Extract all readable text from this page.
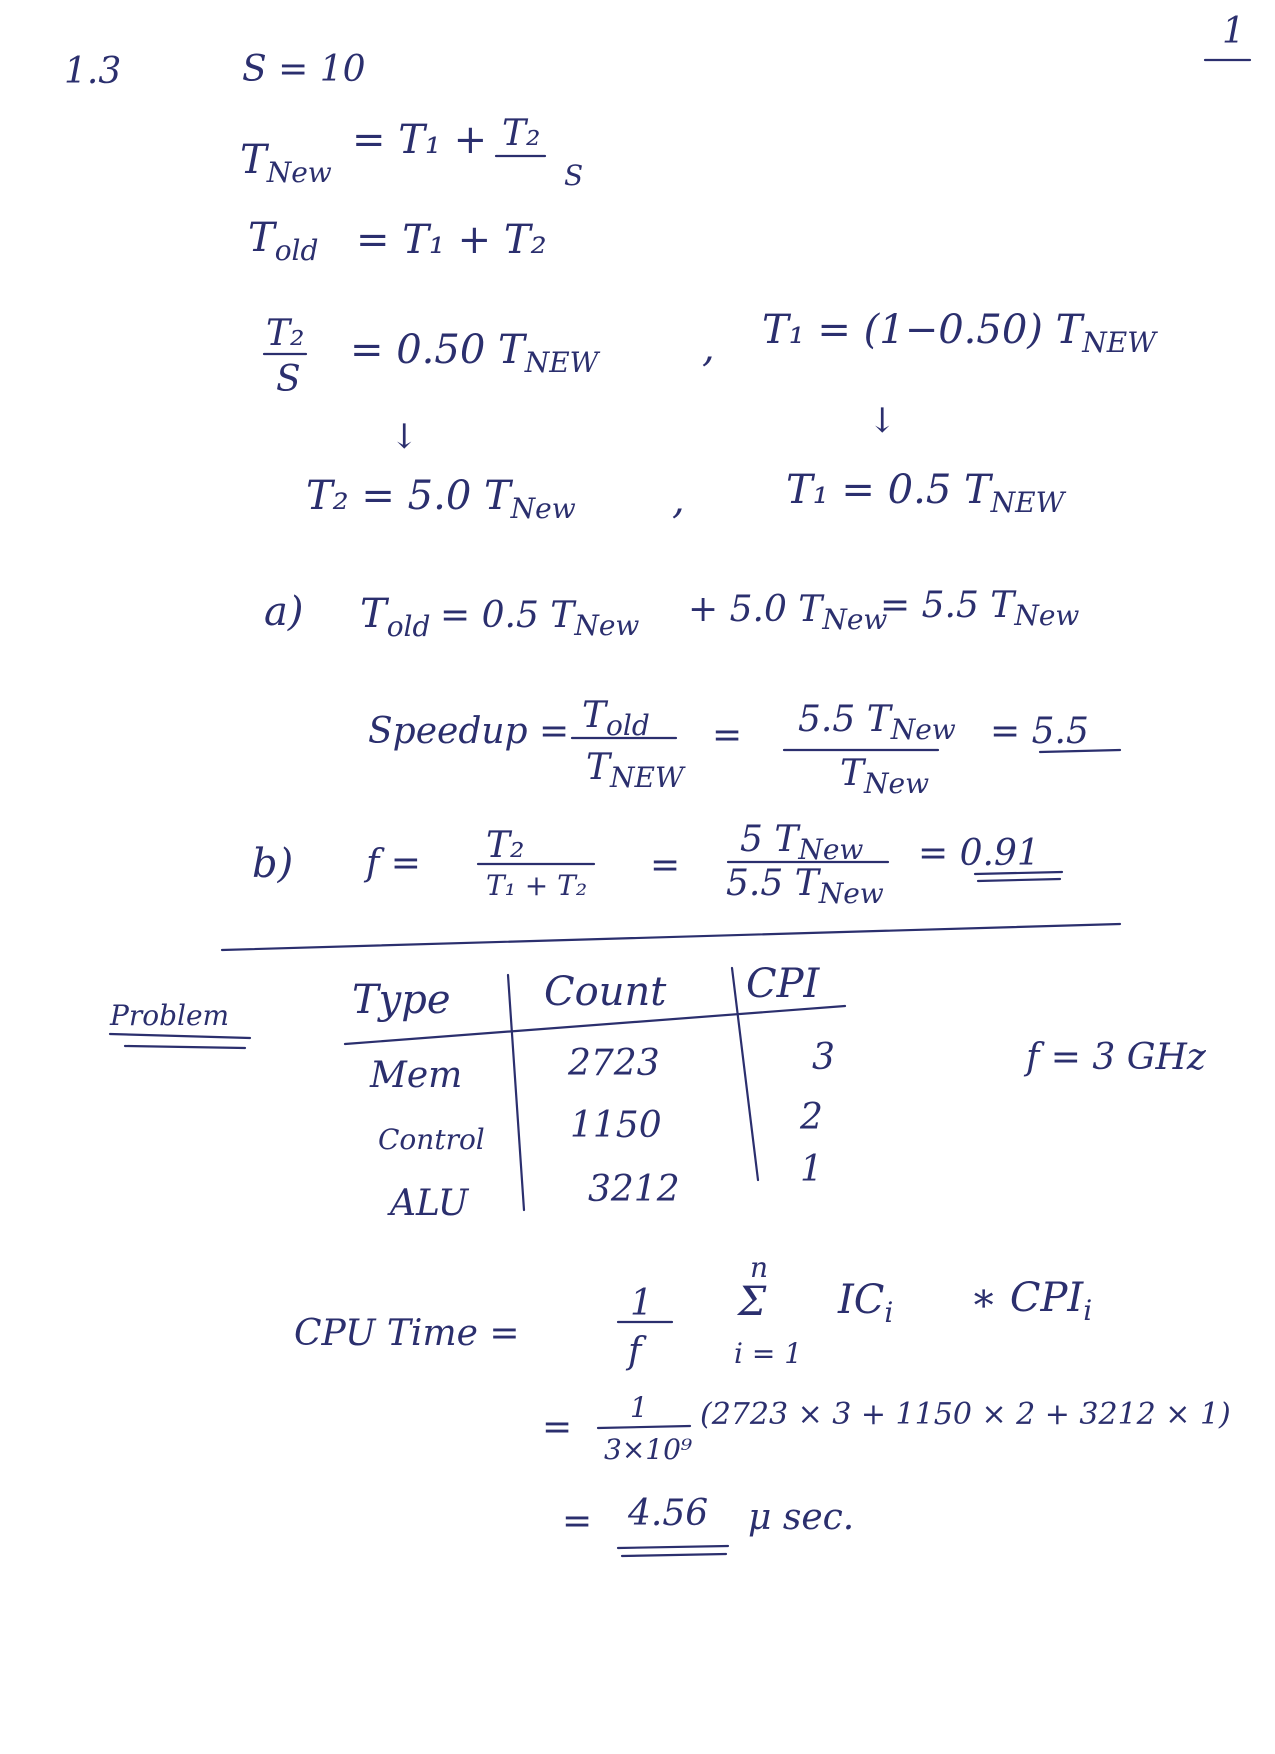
1.3
1
S = 10
$T_{New}$
= T₁ + T₂
S
$T_{old} = T_1 + T_2$
T₂
S
= 0.50 $T_{NEW}$	, T₁ = (1−0.50) $T_{NEW}$
↓	↓
T₂ = 5.0 $T_{New}$ ,	T₁ = 0.5 $T_{NEW}$
a) $T_{old} = 0.5$ $T_{New} + 5.0$ $T_{New}$
= 5.5 $T_{New}$
Speedup = $T_{old}$
$T_{NEW}$
= 5.5 $T_{New}$
$T_{New}$
= 5.5
b) f = T₂
T₁ + T₂ =
5 $T_{New}$
5.5 $T_{New}$
= 0.91
Problem
f = 3 GHz
Type Count CPI
Mem	2723	3
Control 1150	2
ALU	3212	1
CPU Time =
1
f
n
Σ
i = 1
$IC_i$ ∗ $CPI_i$
= 1
3×10⁹
(2723 × 3 + 1150 × 2 + 3212 × 1)
= 4.56 μ sec.
